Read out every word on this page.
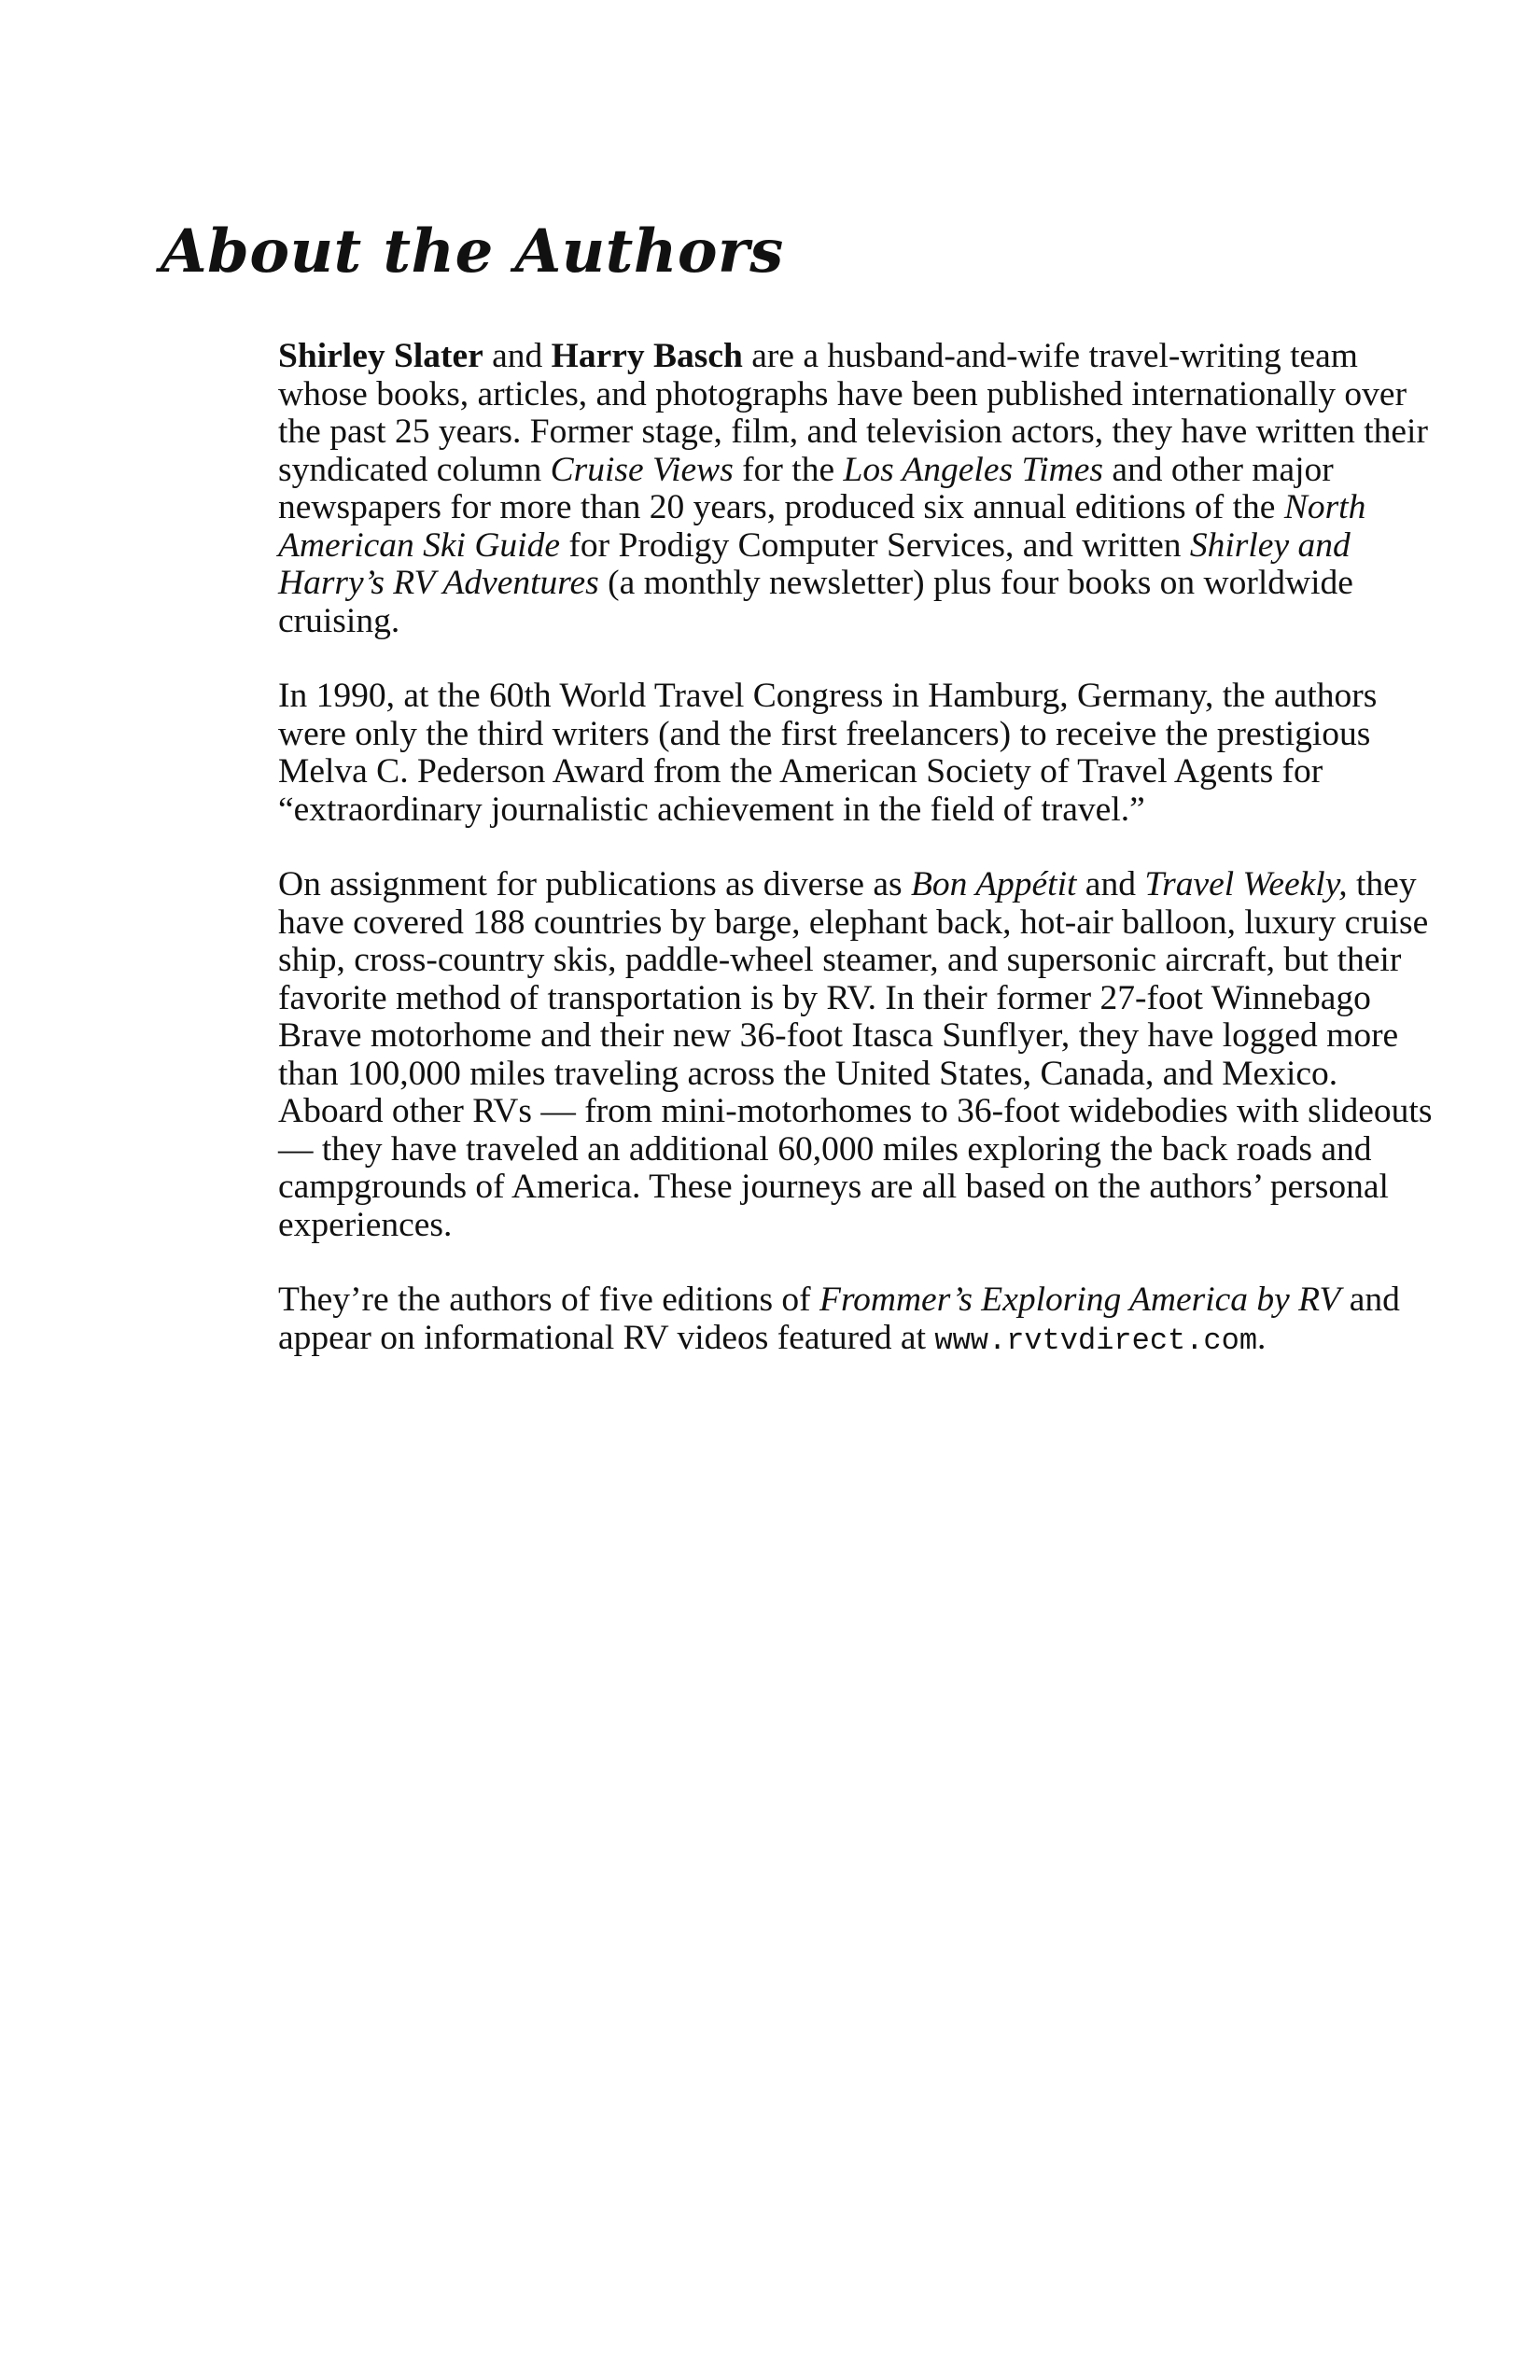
About the Authors

Shirley Slater and Harry Basch are a husband-and-wife travel-writing team whose books, articles, and photographs have been published internationally over the past 25 years. Former stage, film, and television actors, they have written their syndicated column Cruise Views for the Los Angeles Times and other major newspapers for more than 20 years, produced six annual editions of the North American Ski Guide for Prodigy Computer Services, and written Shirley and Harry’s RV Adventures (a monthly newsletter) plus four books on worldwide cruising.

In 1990, at the 60th World Travel Congress in Hamburg, Germany, the authors were only the third writers (and the first freelancers) to receive the prestigious Melva C. Pederson Award from the American Society of Travel Agents for “extraordinary journalistic achievement in the field of travel.”

On assignment for publications as diverse as Bon Appétit and Travel Weekly, they have covered 188 countries by barge, elephant back, hot-air balloon, luxury cruise ship, cross-country skis, paddle-wheel steamer, and supersonic aircraft, but their favorite method of transportation is by RV. In their former 27-foot Winnebago Brave motorhome and their new 36-foot Itasca Sunflyer, they have logged more than 100,000 miles traveling across the United States, Canada, and Mexico. Aboard other RVs — from mini-motorhomes to 36-foot widebodies with slideouts — they have traveled an additional 60,000 miles exploring the back roads and campgrounds of America. These journeys are all based on the authors’ personal experiences.

They’re the authors of five editions of Frommer’s Exploring America by RV and appear on informational RV videos featured at www.rvtvdirect.com.
